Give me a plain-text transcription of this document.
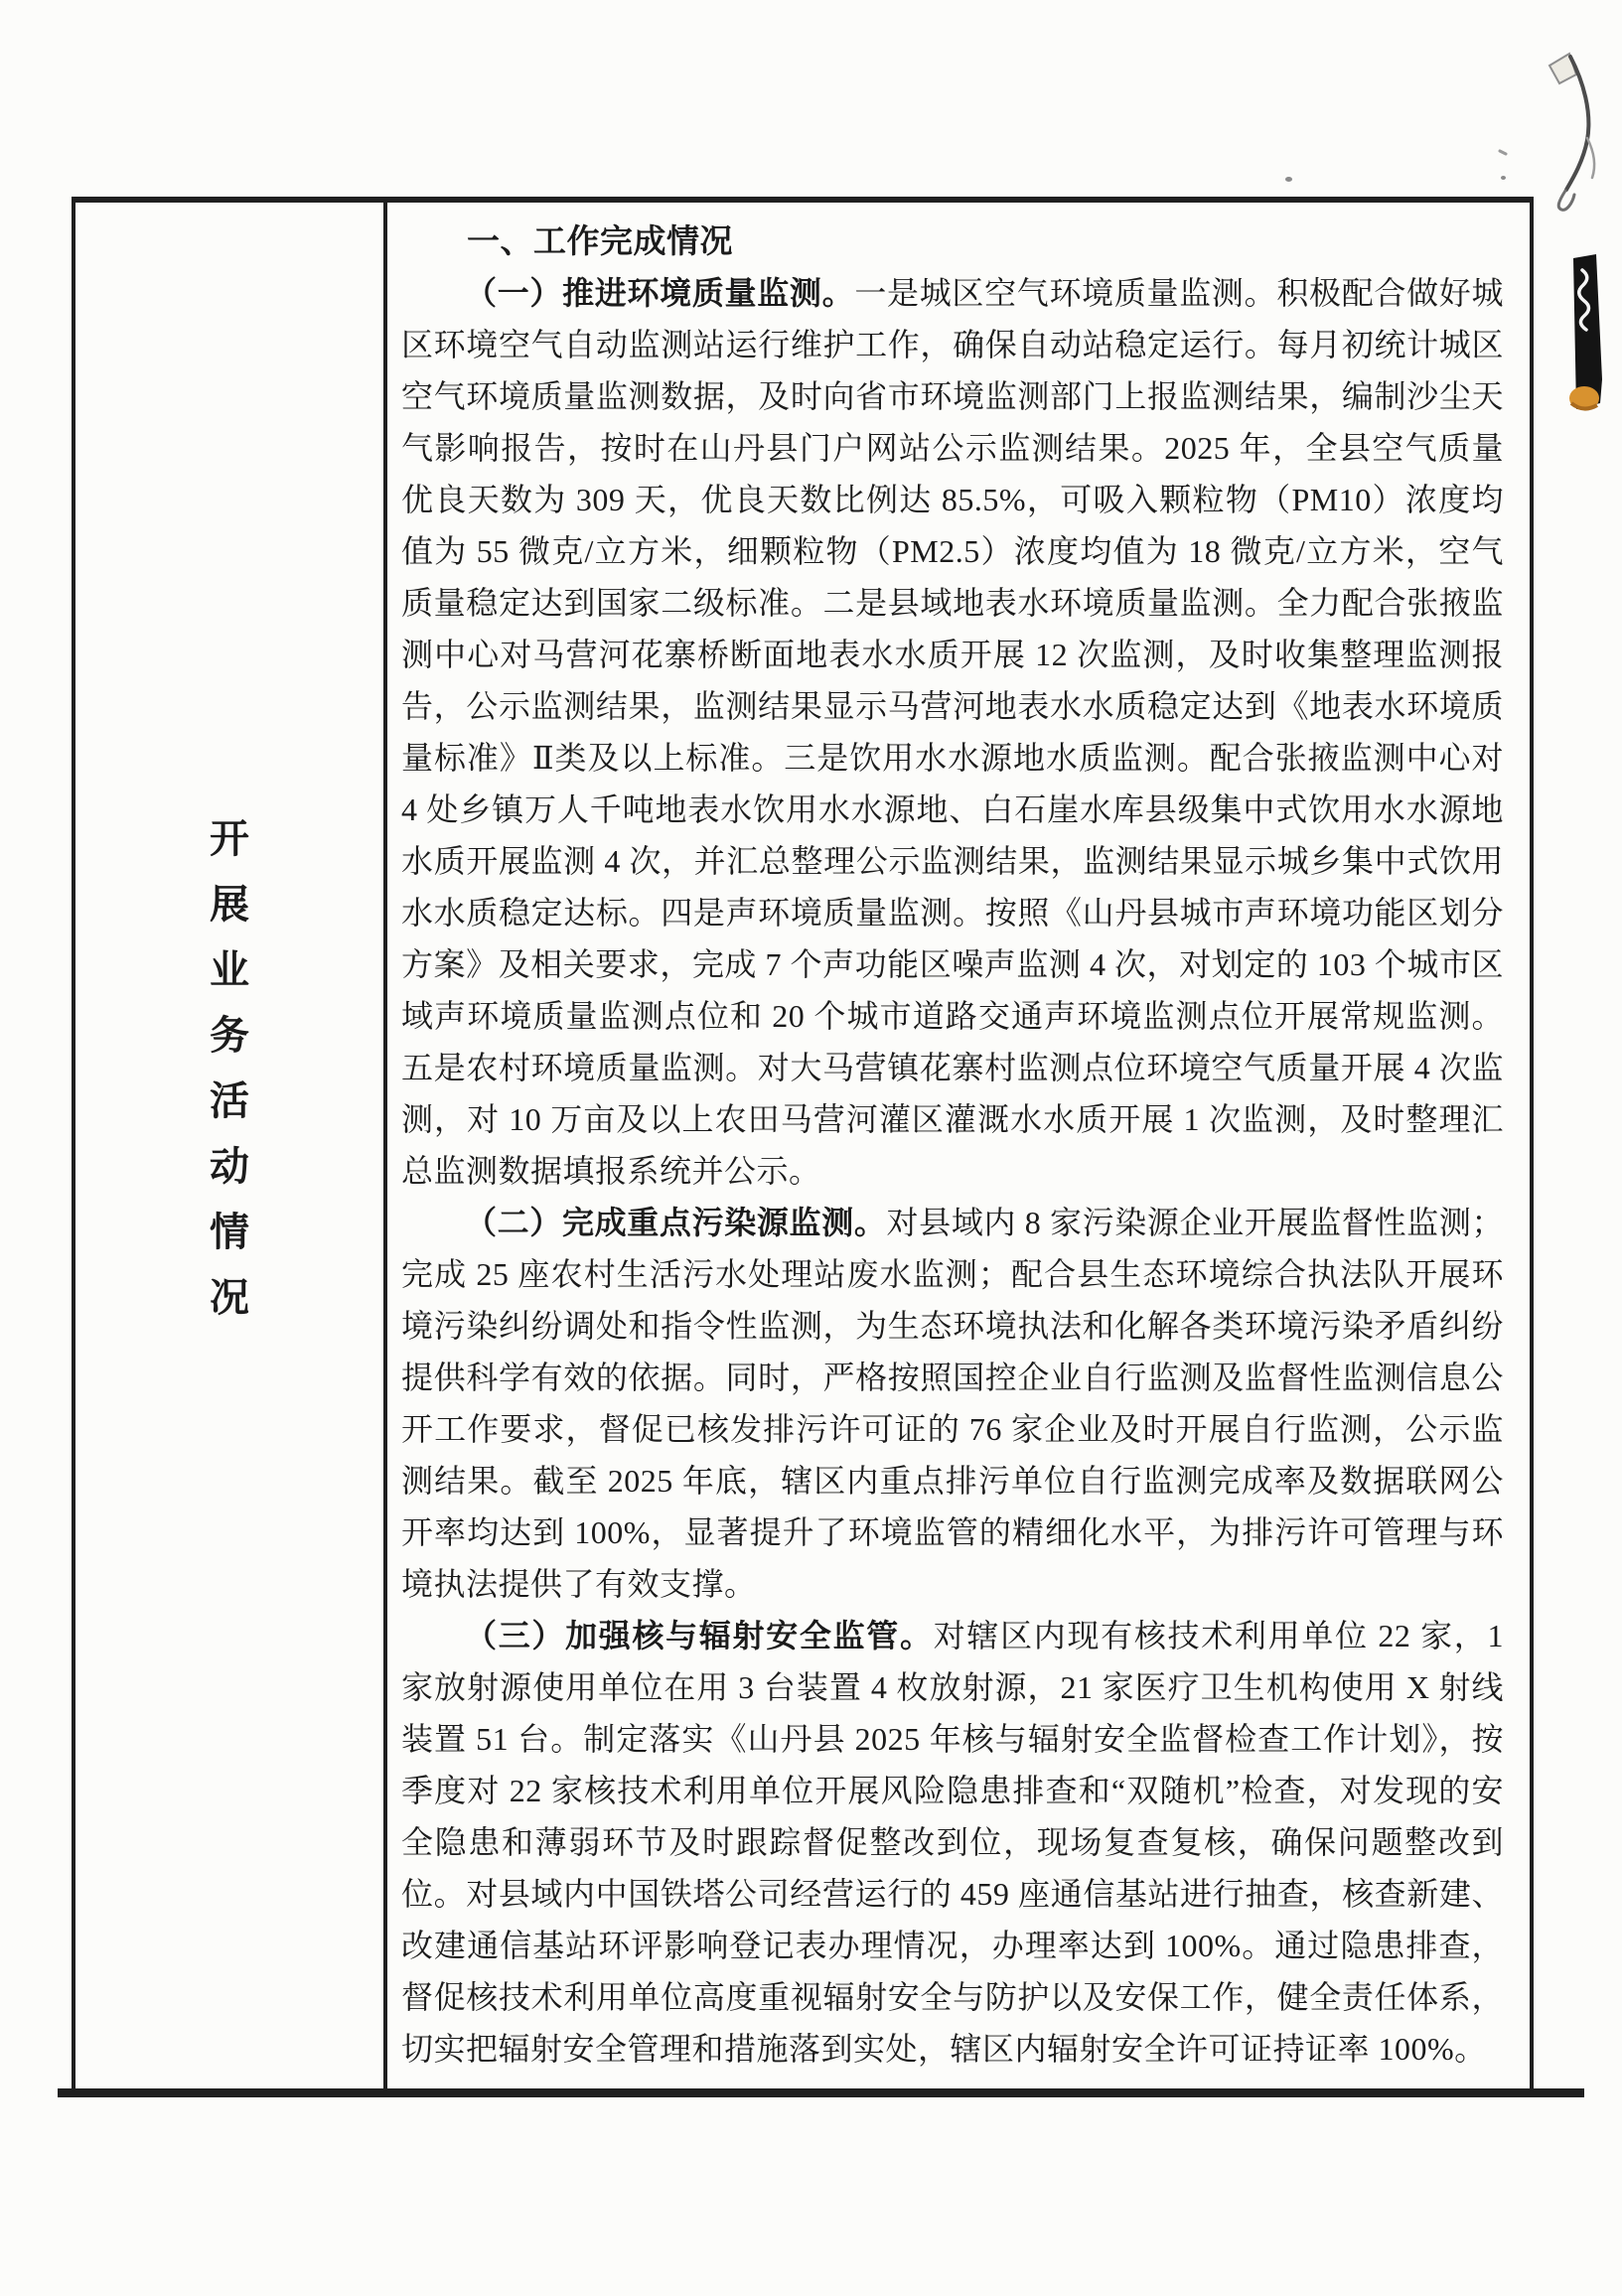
开
展
业
务
活
动
情
况

一、工作完成情况

（一）推进环境质量监测。一是城区空气环境质量监测。积极配合做好城区环境空气自动监测站运行维护工作，确保自动站稳定运行。每月初统计城区空气环境质量监测数据，及时向省市环境监测部门上报监测结果，编制沙尘天气影响报告，按时在山丹县门户网站公示监测结果。2025 年，全县空气质量优良天数为 309 天，优良天数比例达 85.5%，可吸入颗粒物（PM10）浓度均值为 55 微克/立方米，细颗粒物（PM2.5）浓度均值为 18 微克/立方米，空气质量稳定达到国家二级标准。二是县域地表水环境质量监测。全力配合张掖监测中心对马营河花寨桥断面地表水水质开展 12 次监测，及时收集整理监测报告，公示监测结果，监测结果显示马营河地表水水质稳定达到《地表水环境质量标准》Ⅱ类及以上标准。三是饮用水水源地水质监测。配合张掖监测中心对 4 处乡镇万人千吨地表水饮用水水源地、白石崖水库县级集中式饮用水水源地水质开展监测 4 次，并汇总整理公示监测结果，监测结果显示城乡集中式饮用水水质稳定达标。四是声环境质量监测。按照《山丹县城市声环境功能区划分方案》及相关要求，完成 7 个声功能区噪声监测 4 次，对划定的 103 个城市区域声环境质量监测点位和 20 个城市道路交通声环境监测点位开展常规监测。五是农村环境质量监测。对大马营镇花寨村监测点位环境空气质量开展 4 次监测，对 10 万亩及以上农田马营河灌区灌溉水水质开展 1 次监测，及时整理汇总监测数据填报系统并公示。

（二）完成重点污染源监测。对县域内 8 家污染源企业开展监督性监测；完成 25 座农村生活污水处理站废水监测；配合县生态环境综合执法队开展环境污染纠纷调处和指令性监测，为生态环境执法和化解各类环境污染矛盾纠纷提供科学有效的依据。同时，严格按照国控企业自行监测及监督性监测信息公开工作要求，督促已核发排污许可证的 76 家企业及时开展自行监测，公示监测结果。截至 2025 年底，辖区内重点排污单位自行监测完成率及数据联网公开率均达到 100%，显著提升了环境监管的精细化水平，为排污许可管理与环境执法提供了有效支撑。

（三）加强核与辐射安全监管。对辖区内现有核技术利用单位 22 家，1 家放射源使用单位在用 3 台装置 4 枚放射源，21 家医疗卫生机构使用 X 射线装置 51 台。制定落实《山丹县 2025 年核与辐射安全监督检查工作计划》，按季度对 22 家核技术利用单位开展风险隐患排查和“双随机”检查，对发现的安全隐患和薄弱环节及时跟踪督促整改到位，现场复查复核，确保问题整改到位。对县域内中国铁塔公司经营运行的 459 座通信基站进行抽查，核查新建、改建通信基站环评影响登记表办理情况，办理率达到 100%。通过隐患排查，督促核技术利用单位高度重视辐射安全与防护以及安保工作，健全责任体系，切实把辐射安全管理和措施落到实处，辖区内辐射安全许可证持证率 100%。
